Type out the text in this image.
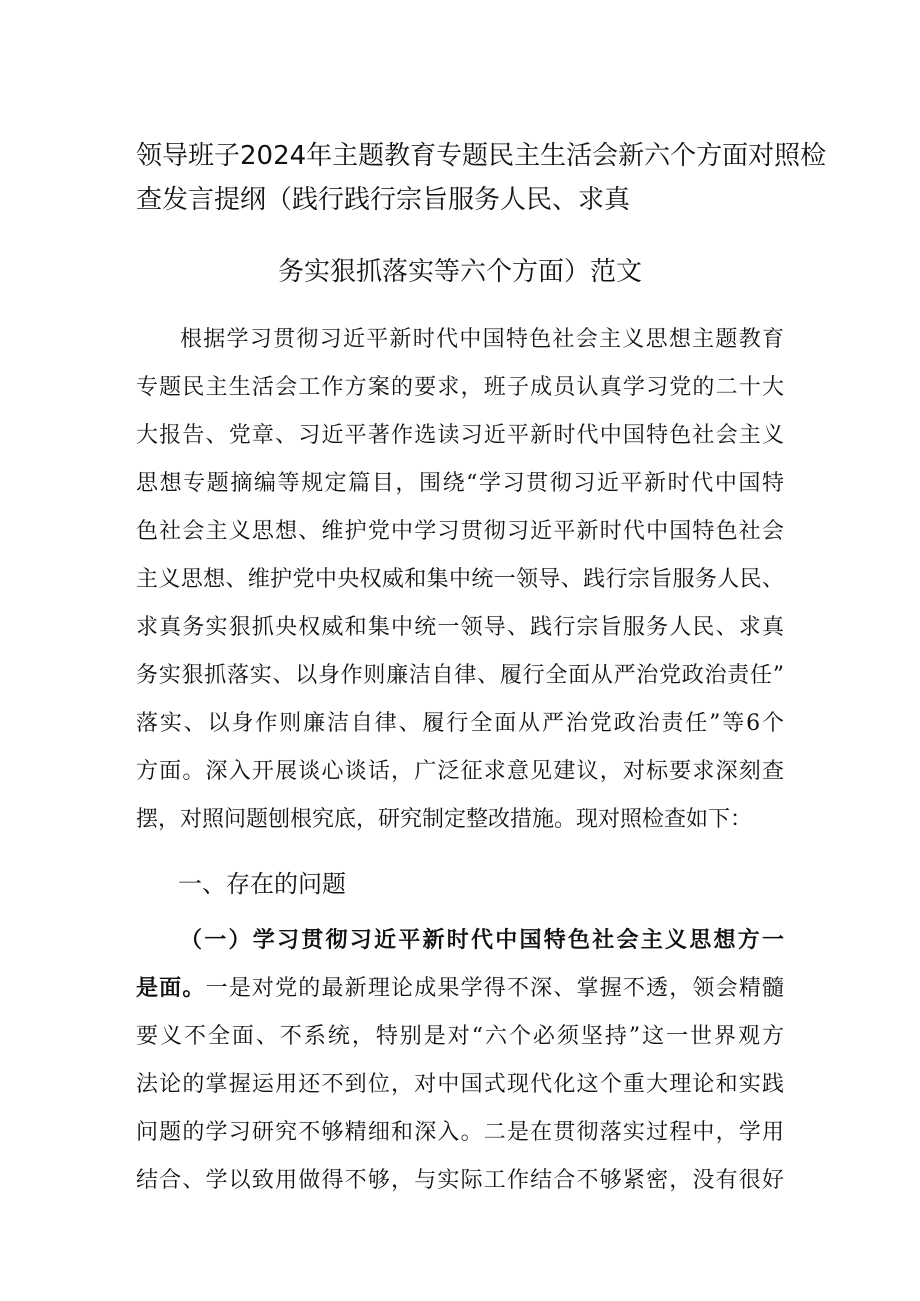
领导班子2024年主题教育专题民主生活会新六个方面对照检
查发言提纲（践行践行宗旨服务人民、求真
务实狠抓落实等六个方面）范文
根据学习贯彻习近平新时代中国特色社会主义思想主题教育
专题民主生活会工作方案的要求，班子成员认真学习党的二十大
大报告、党章、习近平著作选读习近平新时代中国特色社会主义
思想专题摘编等规定篇目，围绕“学习贯彻习近平新时代中国特
色社会主义思想、维护党中学习贯彻习近平新时代中国特色社会
主义思想、维护党中央权威和集中统一领导、践行宗旨服务人民、
求真务实狠抓央权威和集中统一领导、践行宗旨服务人民、求真
务实狠抓落实、以身作则廉洁自律、履行全面从严治党政治责任”
落实、以身作则廉洁自律、履行全面从严治党政治责任”等6个
方面。深入开展谈心谈话，广泛征求意见建议，对标要求深刻查
摆，对照问题刨根究底，研究制定整改措施。现对照检查如下：
一、存在的问题
（一）学习贯彻习近平新时代中国特色社会主义思想方一
是面。一是对党的最新理论成果学得不深、掌握不透，领会精髓
要义不全面、不系统，特别是对“六个必须坚持”这一世界观方
法论的掌握运用还不到位，对中国式现代化这个重大理论和实践
问题的学习研究不够精细和深入。二是在贯彻落实过程中，学用
结合、学以致用做得不够，与实际工作结合不够紧密，没有很好
